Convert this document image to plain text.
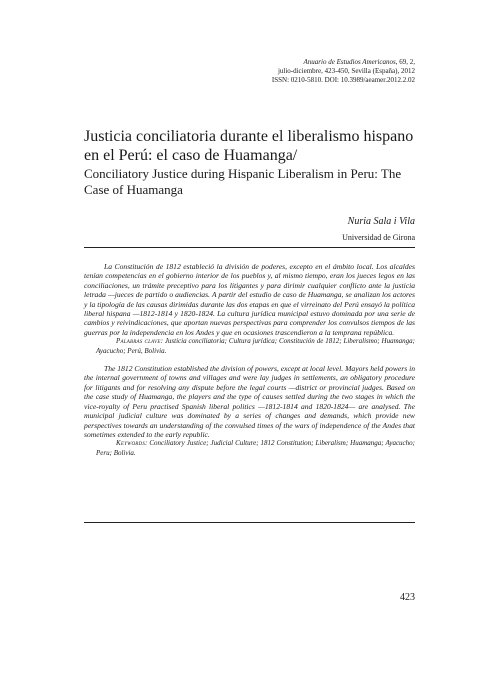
Anuario de Estudios Americanos, 69, 2,
julio-diciembre, 423-450, Sevilla (España), 2012
ISSN: 0210-5810. DOI: 10.3989/aeamer.2012.2.02
Justicia conciliatoria durante el liberalismo hispano en el Perú: el caso de Huamanga/
Conciliatory Justice during Hispanic Liberalism in Peru: The Case of Huamanga
Nuria Sala i Vila
Universidad de Girona

La Constitución de 1812 estableció la división de poderes, excepto en el ámbito local. Los alcaldes tenían competencias en el gobierno interior de los pueblos y, al mismo tiempo, eran los jueces legos en las conciliaciones, un trámite preceptivo para los litigantes y para dirimir cualquier conflicto ante la justicia letrada —jueces de partido o audiencias. A partir del estudio de caso de Huamanga, se analizan los actores y la tipología de las causas dirimidas durante las dos etapas en que el virreinato del Perú ensayó la política liberal hispana —1812-1814 y 1820-1824. La cultura jurídica municipal estuvo dominada por una serie de cambios y reivindicaciones, que aportan nuevas perspectivas para comprender los convulsos tiempos de las guerras por la independencia en los Andes y que en ocasiones trascendieron a la temprana república.

Palabras clave: Justicia conciliatoria; Cultura jurídica; Constitución de 1812; Liberalismo; Huamanga; Ayacucho; Perú, Bolivia.

The 1812 Constitution established the division of powers, except at local level. Mayors held powers in the internal government of towns and villages and were lay judges in settlements, an obligatory procedure for litigants and for resolving any dispute before the legal courts —district or provincial judges. Based on the case study of Huamanga, the players and the type of causes settled during the two stages in which the vice-royalty of Peru practised Spanish liberal politics —1812-1814 and 1820-1824— are analysed. The municipal judicial culture was dominated by a series of changes and demands, which provide new perspectives towards an understanding of the convulsed times of the wars of independence of the Andes that sometimes extended to the early republic.

Keywords: Conciliatory Justice; Judicial Culture; 1812 Constitution; Liberalism; Huamanga; Ayacucho; Peru; Bolivia.

423
